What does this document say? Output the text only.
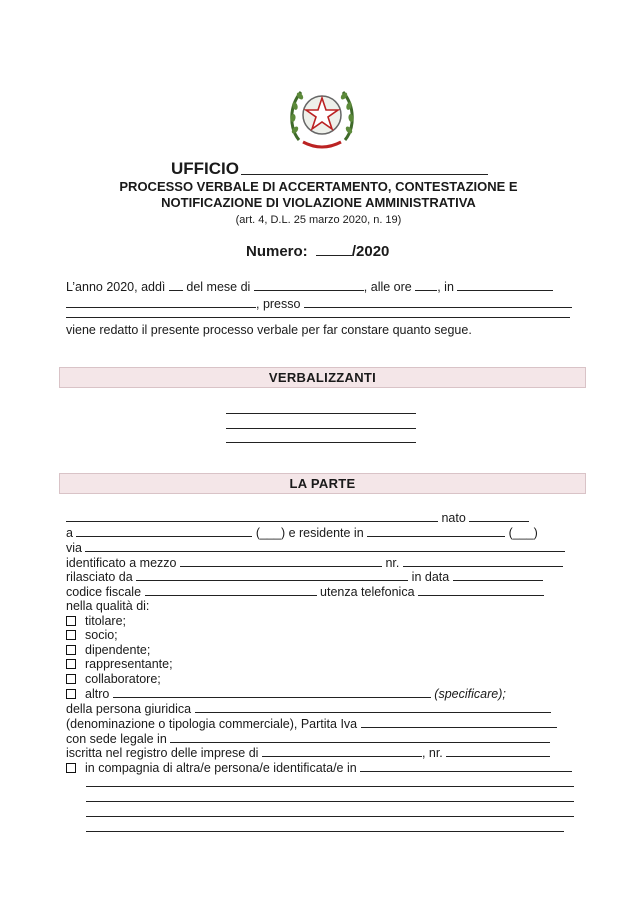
UFFICIO
PROCESSO VERBALE DI ACCERTAMENTO, CONTESTAZIONE E
NOTIFICAZIONE DI VIOLAZIONE AMMINISTRATIVA
(art. 4, D.L. 25 marzo 2020, n. 19)
Numero:	/2020
L’anno 2020, addì del mese di	, alle ore , in
, presso
viene redatto il presente processo verbale per far constare quanto segue.
VERBALIZZANTI
LA PARTE
nato
a	(___) e residente in	(___)
via
identificato a mezzo	nr.
rilasciato da	in data
codice fiscale	utenza telefonica
nella qualità di:
titolare;
socio;
dipendente;
rappresentante;
collaboratore;
altro	(specificare);
della persona giuridica
(denominazione o tipologia commerciale), Partita Iva
con sede legale in
iscritta nel registro delle imprese di	, nr.
in compagnia di altra/e persona/e identificata/e in
